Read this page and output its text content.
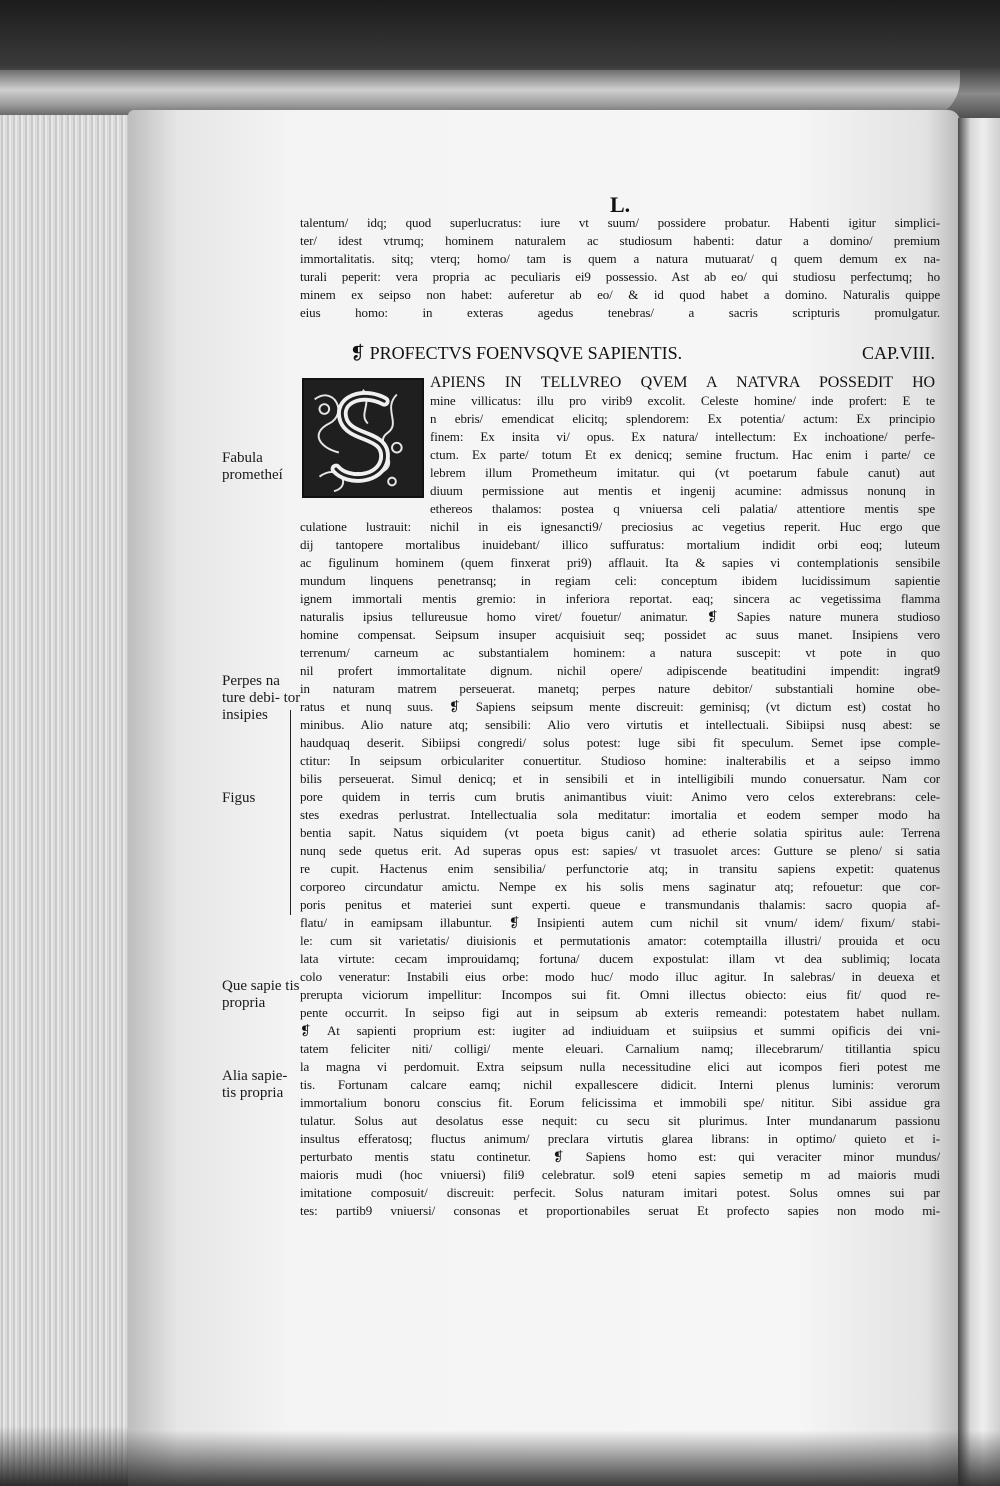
L.
talentum/ idq; quod superlucratus: iure vt suum/ possidere probatur. Habenti igitur simplici-
ter/ idest vtrumq; hominem naturalem ac studiosum habenti: datur a domino/ premium
immortalitatis. sitq; vterq; homo/ tam is quem a natura mutuarat/ q quem demum ex na-
turali peperit: vera propria ac peculiaris ei9 possessio. Ast ab eo/ qui studiosu perfectumq; ho
minem ex seipso non habet: auferetur ab eo/ & id quod habet a domino. Naturalis quippe
eius homo: in exteras agedus tenebras/ a sacris scripturis promulgatur.
❡ PROFECTVS FOENVSQVE SAPIENTIS.	CAP.VIII.
APIENS IN TELLVREO QVEM A NATVRA POSSEDIT HO
mine villicatus: illu pro virib9 excolit. Celeste homine/ inde profert: E te
n ebris/ emendicat elicitq; splendorem: Ex potentia/ actum: Ex principio
finem: Ex insita vi/ opus. Ex natura/ intellectum: Ex inchoatione/ perfe-
ctum. Ex parte/ totum Et ex denicq; semine fructum. Hac enim i parte/ ce
lebrem illum Prometheum imitatur. qui (vt poetarum fabule canut) aut
diuum permissione aut mentis et ingenij acumine: admissus nonunq in
ethereos thalamos: postea q vniuersa celi palatia/ attentiore mentis spe
culatione lustrauit: nichil in eis ignesancti9/ preciosius ac vegetius reperit. Huc ergo que
dij tantopere mortalibus inuidebant/ illico suffuratus: mortalium indidit orbi eoq; luteum
ac figulinum hominem (quem finxerat pri9) afflauit. Ita & sapies vi contemplationis sensibile
mundum linquens penetransq; in regiam celi: conceptum ibidem lucidissimum sapientie
ignem immortali mentis gremio: in inferiora reportat. eaq; sincera ac vegetissima flamma
naturalis ipsius tellureusue homo viret/ fouetur/ animatur. ❡ Sapies nature munera studioso
homine compensat. Seipsum insuper acquisiuit seq; possidet ac suus manet. Insipiens vero
terrenum/ carneum ac substantialem hominem: a natura suscepit: vt pote in quo
nil profert immortalitate dignum. nichil opere/ adipiscende beatitudini impendit: ingrat9
in naturam matrem perseuerat. manetq; perpes nature debitor/ substantiali homine obe-
ratus et nunq suus. ❡ Sapiens seipsum mente discreuit: geminisq; (vt dictum est) costat ho
minibus. Alio nature atq; sensibili: Alio vero virtutis et intellectuali. Sibiipsi nusq abest: se
haudquaq deserit. Sibiipsi congredi/ solus potest: luge sibi fit speculum. Semet ipse comple-
ctitur: In seipsum orbiculariter conuertitur. Studioso homine: inalterabilis et a seipso immo
bilis perseuerat. Simul denicq; et in sensibili et in intelligibili mundo conuersatur. Nam cor
pore quidem in terris cum brutis animantibus viuit: Animo vero celos exterebrans: cele-
stes exedras perlustrat. Intellectualia sola meditatur: imortalia et eodem semper modo ha
bentia sapit. Natus siquidem (vt poeta bigus canit) ad etherie solatia spiritus aule: Terrena
nunq sede quetus erit. Ad superas opus est: sapies/ vt trasuolet arces: Gutture se pleno/ si satia
re cupit. Hactenus enim sensibilia/ perfunctorie atq; in transitu sapiens expetit: quatenus
corporeo circundatur amictu. Nempe ex his solis mens saginatur atq; refouetur: que cor-
poris penitus et materiei sunt experti. queue e transmundanis thalamis: sacro quopia af-
flatu/ in eamipsam illabuntur. ❡ Insipienti autem cum nichil sit vnum/ idem/ fixum/ stabi-
le: cum sit varietatis/ diuisionis et permutationis amator: cotemptailla illustri/ prouida et ocu
lata virtute: cecam improuidamq; fortuna/ ducem expostulat: illam vt dea sublimiq; locata
colo veneratur: Instabili eius orbe: modo huc/ modo illuc agitur. In salebras/ in deuexa et
prerupta viciorum impellitur: Incompos sui fit. Omni illectus obiecto: eius fit/ quod re-
pente occurrit. In seipso figi aut in seipsum ab exteris remeandi: potestatem habet nullam.
❡ At sapienti proprium est: iugiter ad indiuiduam et suiipsius et summi opificis dei vni-
tatem feliciter niti/ colligi/ mente eleuari. Carnalium namq; illecebrarum/ titillantia spicu
la magna vi perdomuit. Extra seipsum nulla necessitudine elici aut icompos fieri potest me
tis. Fortunam calcare eamq; nichil expallescere didicit. Interni plenus luminis: verorum
immortalium bonoru conscius fit. Eorum felicissima et immobili spe/ nititur. Sibi assidue gra
tulatur. Solus aut desolatus esse nequit: cu secu sit plurimus. Inter mundanarum passionu
insultus efferatosq; fluctus animum/ preclara virtutis glarea librans: in optimo/ quieto et i-
perturbato mentis statu continetur. ❡ Sapiens homo est: qui veraciter minor mundus/
maioris mudi (hoc vniuersi) fili9 celebratur. sol9 eteni sapies semetip m ad maioris mudi
imitatione composuit/ discreuit: perfecit. Solus naturam imitari potest. Solus omnes sui par
tes: partib9 vniuersi/ consonas et proportionabiles seruat Et profecto sapies non modo mi-
Fabula prometheí
Perpes na ture debi- tor insipies
Figus
Que sapie tis propria
Alia sapie- tis propria
